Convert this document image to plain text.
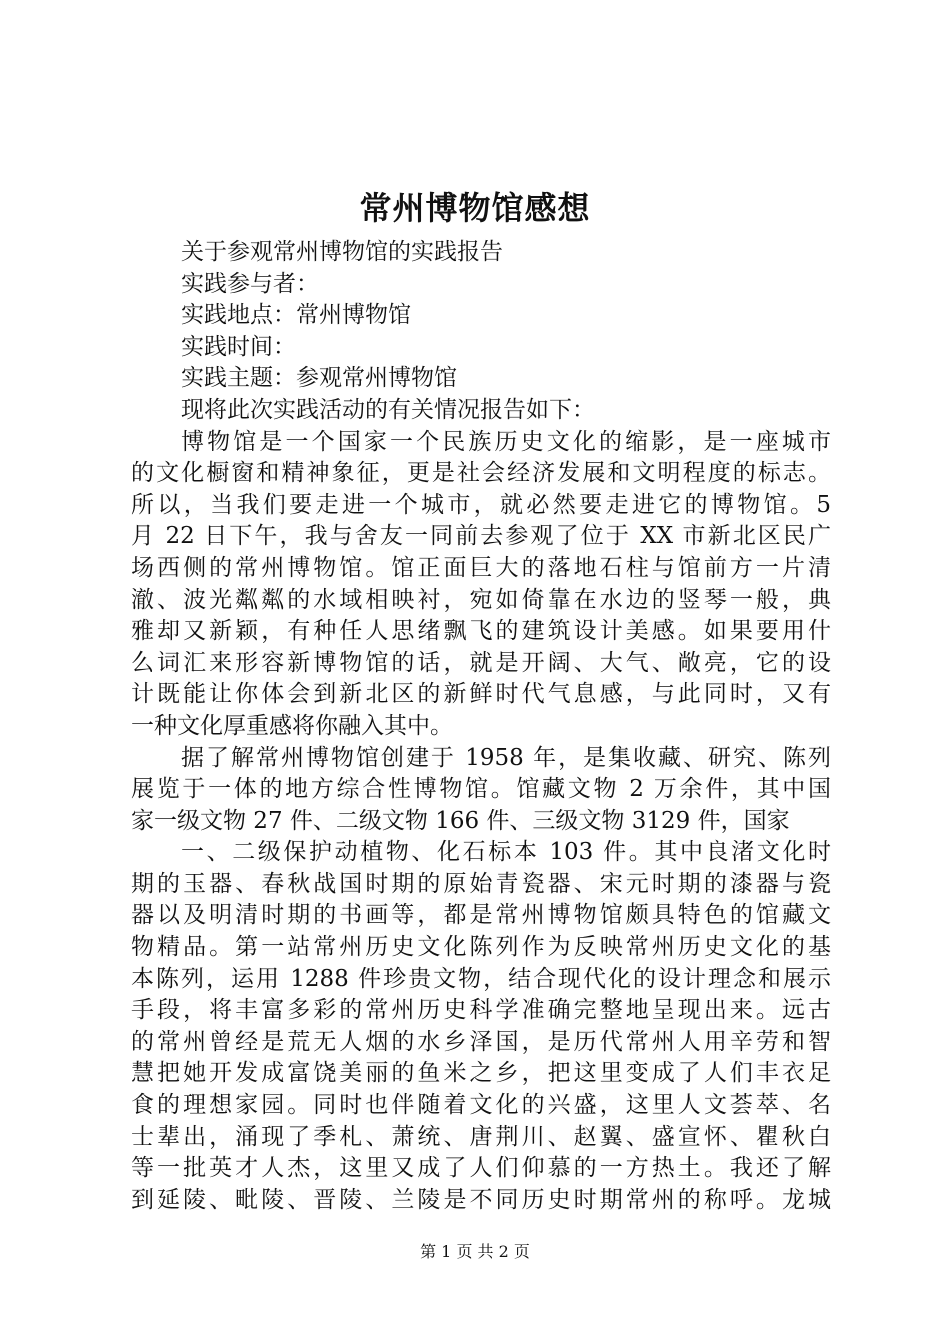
常州博物馆感想
关于参观常州博物馆的实践报告
实践参与者：
实践地点：常州博物馆
实践时间：
实践主题：参观常州博物馆
现将此次实践活动的有关情况报告如下：
博物馆是一个国家一个民族历史文化的缩影，是一座城市
的文化橱窗和精神象征，更是社会经济发展和文明程度的标志。
所以，当我们要走进一个城市，就必然要走进它的博物馆。5
月 22 日下午，我与舍友一同前去参观了位于 XX 市新北区民广
场西侧的常州博物馆。馆正面巨大的落地石柱与馆前方一片清
澈、波光粼粼的水域相映衬，宛如倚靠在水边的竖琴一般，典
雅却又新颖，有种任人思绪飘飞的建筑设计美感。如果要用什
么词汇来形容新博物馆的话，就是开阔、大气、敞亮，它的设
计既能让你体会到新北区的新鲜时代气息感，与此同时，又有
一种文化厚重感将你融入其中。
据了解常州博物馆创建于 1958 年，是集收藏、研究、陈列
展览于一体的地方综合性博物馆。馆藏文物 2 万余件，其中国
家一级文物 27 件、二级文物 166 件、三级文物 3129 件，国家
一、二级保护动植物、化石标本 103 件。其中良渚文化时
期的玉器、春秋战国时期的原始青瓷器、宋元时期的漆器与瓷
器以及明清时期的书画等，都是常州博物馆颇具特色的馆藏文
物精品。第一站常州历史文化陈列作为反映常州历史文化的基
本陈列，运用 1288 件珍贵文物，结合现代化的设计理念和展示
手段，将丰富多彩的常州历史科学准确完整地呈现出来。远古
的常州曾经是荒无人烟的水乡泽国，是历代常州人用辛劳和智
慧把她开发成富饶美丽的鱼米之乡，把这里变成了人们丰衣足
食的理想家园。同时也伴随着文化的兴盛，这里人文荟萃、名
士辈出，涌现了季札、萧统、唐荆川、赵翼、盛宣怀、瞿秋白
等一批英才人杰，这里又成了人们仰慕的一方热土。我还了解
到延陵、毗陵、晋陵、兰陵是不同历史时期常州的称呼。龙城
第 1 页 共 2 页
